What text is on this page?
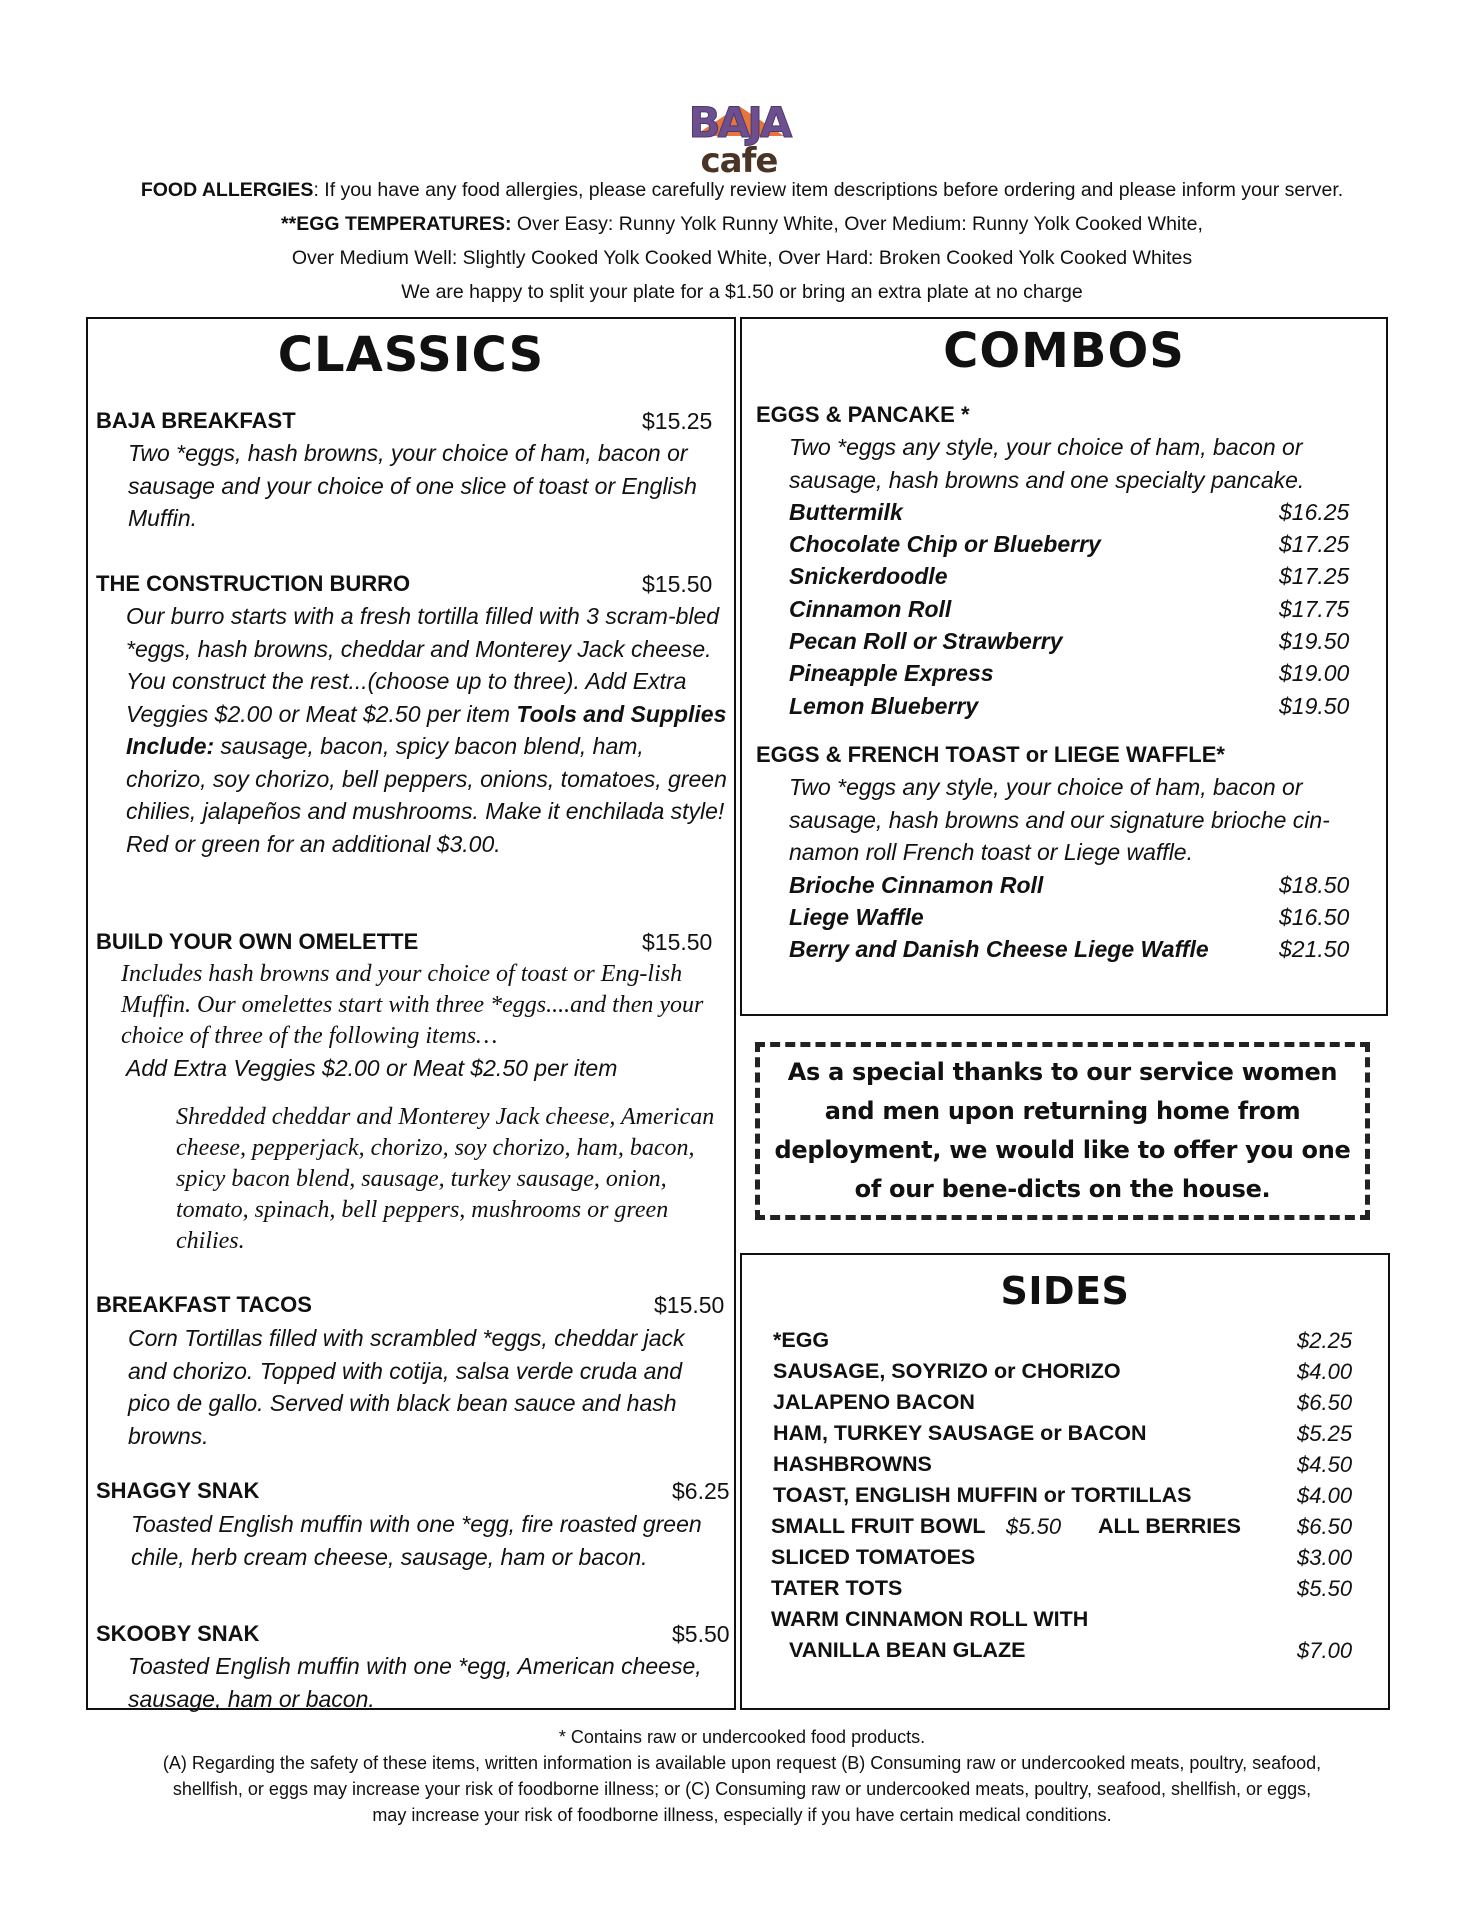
BAJA
cafe
FOOD ALLERGIES: If you have any food allergies, please carefully review item descriptions before ordering and please inform your server.
**EGG TEMPERATURES: Over Easy: Runny Yolk Runny White, Over Medium: Runny Yolk Cooked White,
Over Medium Well: Slightly Cooked Yolk Cooked White, Over Hard: Broken Cooked Yolk Cooked Whites
We are happy to split your plate for a $1.50 or bring an extra plate at no charge
CLASSICS
BAJA BREAKFAST	$15.25

Two *eggs, hash browns, your choice of ham, bacon or sausage and your choice of one slice of toast or English Muffin.

THE CONSTRUCTION BURRO	$15.50

Our burro starts with a fresh tortilla filled with 3 scram-bled *eggs, hash browns, cheddar and Monterey Jack cheese. You construct the rest...(choose up to three). Add Extra Veggies $2.00 or Meat $2.50 per item Tools and Supplies Include: sausage, bacon, spicy bacon blend, ham, chorizo, soy chorizo, bell peppers, onions, tomatoes, green chilies, jalapeños and mushrooms. Make it enchilada style! Red or green for an additional $3.00.

BUILD YOUR OWN OMELETTE	$15.50

Includes hash browns and your choice of toast or Eng-lish Muffin. Our omelettes start with three *eggs....and then your choice of three of the following items…

Add Extra Veggies $2.00 or Meat $2.50 per item

Shredded cheddar and Monterey Jack cheese, American cheese, pepperjack, chorizo, soy chorizo, ham, bacon, spicy bacon blend, sausage, turkey sausage, onion, tomato, spinach, bell peppers, mushrooms or green chilies.

BREAKFAST TACOS	$15.50

Corn Tortillas filled with scrambled *eggs, cheddar jack and chorizo. Topped with cotija, salsa verde cruda and pico de gallo. Served with black bean sauce and hash browns.

SHAGGY SNAK	$6.25

Toasted English muffin with one *egg, fire roasted green chile, herb cream cheese, sausage, ham or bacon.

SKOOBY SNAK	$5.50

Toasted English muffin with one *egg, American cheese, sausage, ham or bacon.

COMBOS
EGGS & PANCAKE *

Two *eggs any style, your choice of ham, bacon or sausage, hash browns and one specialty pancake.

Buttermilk	$16.25
Chocolate Chip or Blueberry	$17.25
Snickerdoodle	$17.25
Cinnamon Roll	$17.75
Pecan Roll or Strawberry	$19.50
Pineapple Express	$19.00
Lemon Blueberry	$19.50
EGGS & FRENCH TOAST or LIEGE WAFFLE*

Two *eggs any style, your choice of ham, bacon or sausage, hash browns and our signature brioche cin-namon roll French toast or Liege waffle.

Brioche Cinnamon Roll	$18.50
Liege Waffle	$16.50
Berry and Danish Cheese Liege Waffle	$21.50
As a special thanks to our service women and men upon returning home from deployment, we would like to offer you one of our bene-dicts on the house.
SIDES
*EGG	$2.25
SAUSAGE, SOYRIZO or CHORIZO	$4.00
JALAPENO BACON	$6.50
HAM, TURKEY SAUSAGE or BACON	$5.25
HASHBROWNS	$4.50
TOAST, ENGLISH MUFFIN or TORTILLAS	$4.00
SMALL FRUIT BOWL $5.50 ALL BERRIES	$6.50
SLICED TOMATOES	$3.00
TATER TOTS	$5.50
WARM CINNAMON ROLL WITH
VANILLA BEAN GLAZE	$7.00
* Contains raw or undercooked food products.
(A) Regarding the safety of these items, written information is available upon request (B) Consuming raw or undercooked meats, poultry, seafood,
shellfish, or eggs may increase your risk of foodborne illness; or (C) Consuming raw or undercooked meats, poultry, seafood, shellfish, or eggs,
may increase your risk of foodborne illness, especially if you have certain medical conditions.
